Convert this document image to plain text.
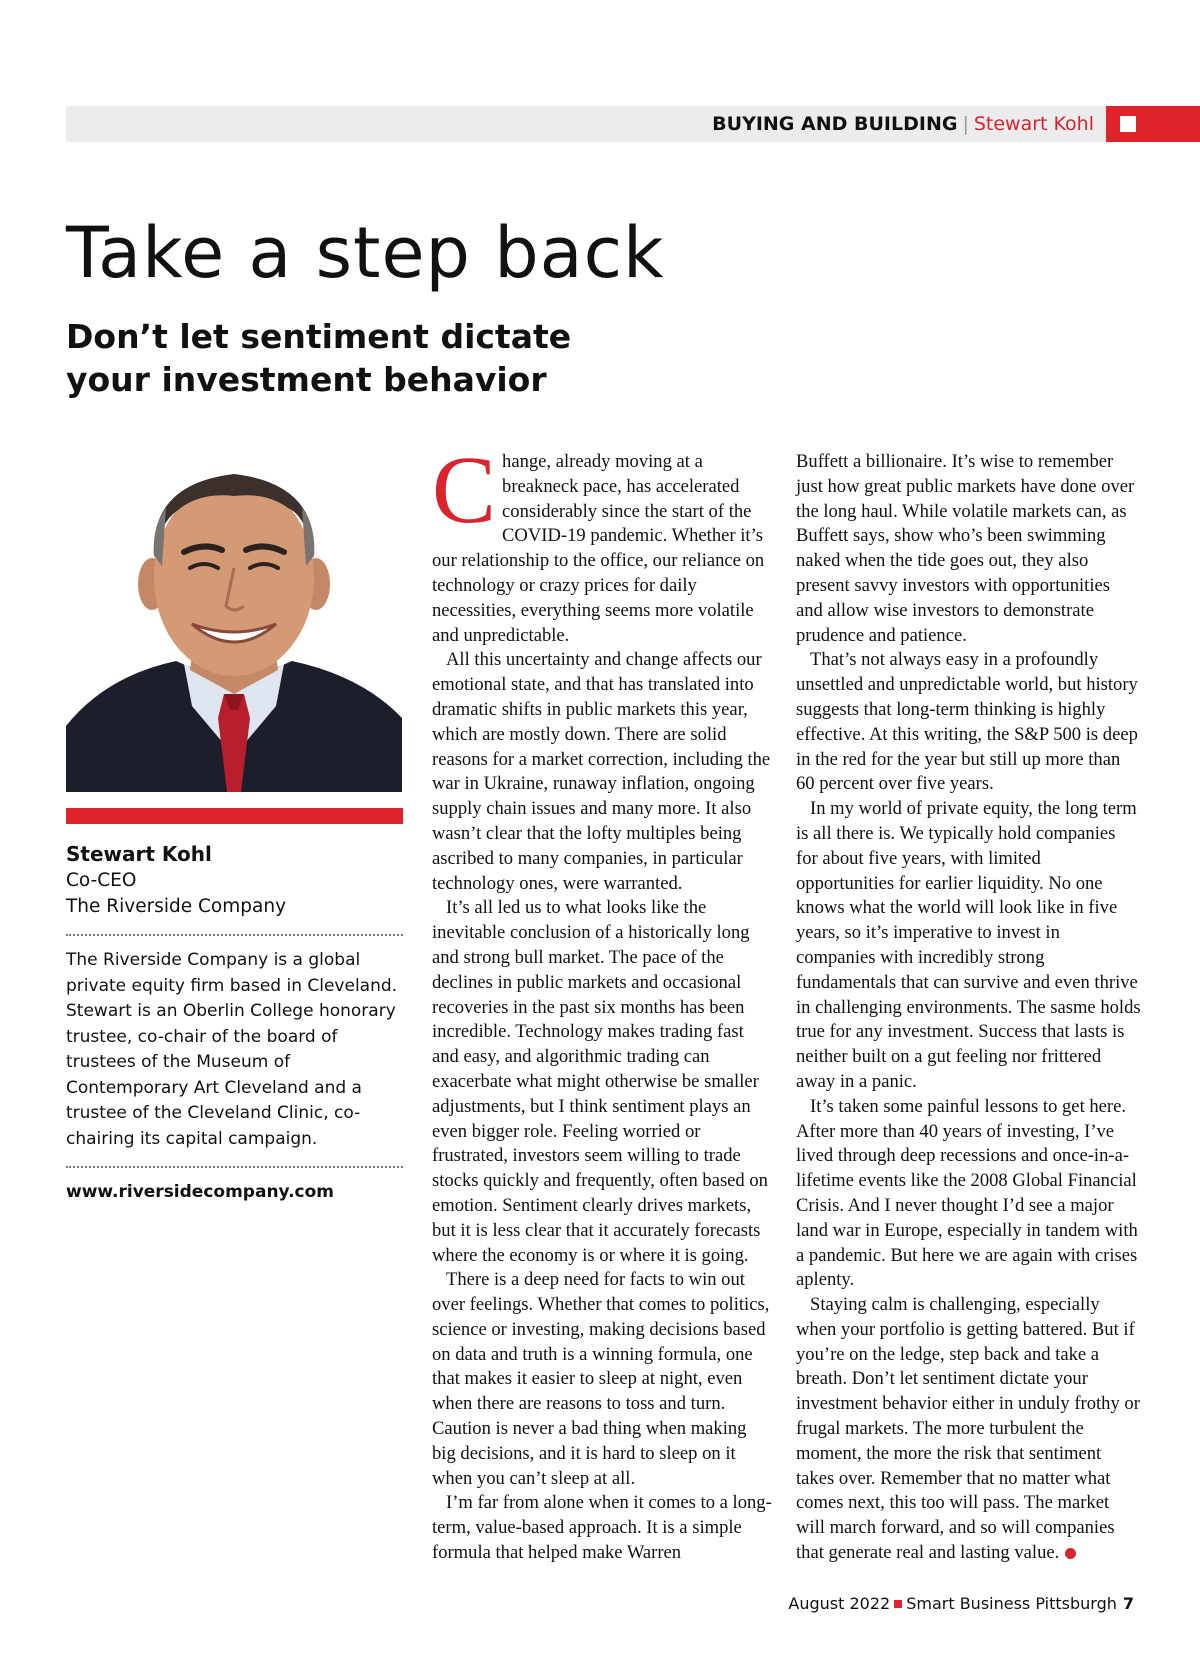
BUYING AND BUILDING | Stewart Kohl
Take a step back
Don’t let sentiment dictate your investment behavior
Stewart Kohl
Co-CEO
The Riverside Company
The Riverside Company is a global private equity firm based in Cleveland. Stewart is an Oberlin College honorary trustee, co-chair of the board of trustees of the Museum of Contemporary Art Cleveland and a trustee of the Cleveland Clinic, co-chairing its capital campaign.
www.riversidecompany.com

Change, already moving at a breakneck pace, has accelerated considerably since the start of the COVID-19 pandemic. Whether it’s our relationship to the office, our reliance on technology or crazy prices for daily necessities, everything seems more volatile and unpredictable.

All this uncertainty and change affects our emotional state, and that has translated into dramatic shifts in public markets this year, which are mostly down. There are solid reasons for a market correction, including the war in Ukraine, runaway inflation, ongoing supply chain issues and many more. It also wasn’t clear that the lofty multiples being ascribed to many companies, in particular technology ones, were warranted.

It’s all led us to what looks like the inevitable conclusion of a historically long and strong bull market. The pace of the declines in public markets and occasional recoveries in the past six months has been incredible. Technology makes trading fast and easy, and algorithmic trading can exacerbate what might otherwise be smaller adjustments, but I think sentiment plays an even bigger role. Feeling worried or frustrated, investors seem willing to trade stocks quickly and frequently, often based on emotion. Sentiment clearly drives markets, but it is less clear that it accurately forecasts where the economy is or where it is going.

There is a deep need for facts to win out over feelings. Whether that comes to politics, science or investing, making decisions based on data and truth is a winning formula, one that makes it easier to sleep at night, even when there are reasons to toss and turn. Caution is never a bad thing when making big decisions, and it is hard to sleep on it when you can’t sleep at all.

I’m far from alone when it comes to a long-term, value-based approach. It is a simple formula that helped make Warren

Buffett a billionaire. It’s wise to remember just how great public markets have done over the long haul. While volatile markets can, as Buffett says, show who’s been swimming naked when the tide goes out, they also present savvy investors with opportunities and allow wise investors to demonstrate prudence and patience.

That’s not always easy in a profoundly unsettled and unpredictable world, but history suggests that long-term thinking is highly effective. At this writing, the S&P 500 is deep in the red for the year but still up more than 60 percent over five years.

In my world of private equity, the long term is all there is. We typically hold companies for about five years, with limited opportunities for earlier liquidity. No one knows what the world will look like in five years, so it’s imperative to invest in companies with incredibly strong fundamentals that can survive and even thrive in challenging environments. The sasme holds true for any investment. Success that lasts is neither built on a gut feeling nor frittered away in a panic.

It’s taken some painful lessons to get here. After more than 40 years of investing, I’ve lived through deep recessions and once-in-a-lifetime events like the 2008 Global Financial Crisis. And I never thought I’d see a major land war in Europe, especially in tandem with a pandemic. But here we are again with crises aplenty.

Staying calm is challenging, especially when your portfolio is getting battered. But if you’re on the ledge, step back and take a breath. Don’t let sentiment dictate your investment behavior either in unduly frothy or frugal markets. The more turbulent the moment, the more the risk that sentiment takes over. Remember that no matter what comes next, this too will pass. The market will march forward, and so will companies that generate real and lasting value.

August 2022 Smart Business Pittsburgh 7
